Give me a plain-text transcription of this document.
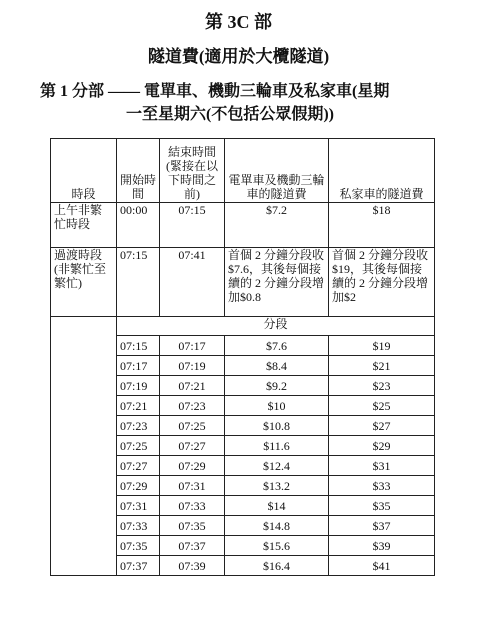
第 3C 部
隧道費(適用於大欖隧道)
第 1 分部 —— 電單車、機動三輪車及私家車(星期
一至星期六(不包括公眾假期))
時段	開始時間	結束時間(緊接在以下時間之前)	電單車及機動三輪車的隧道費	私家車的隧道費
上午非繁忙時段	00:00	07:15	$7.2	$18
過渡時段(非繁忙至繁忙)	07:15	07:41	首個 2 分鐘分段收$7.6，其後每個接續的 2 分鐘分段增加$0.8	首個 2 分鐘分段收$19，其後每個接續的 2 分鐘分段增加$2
	分段			
	07:15	07:17	$7.6	$19
	07:17	07:19	$8.4	$21
	07:19	07:21	$9.2	$23
	07:21	07:23	$10	$25
	07:23	07:25	$10.8	$27
	07:25	07:27	$11.6	$29
	07:27	07:29	$12.4	$31
	07:29	07:31	$13.2	$33
	07:31	07:33	$14	$35
	07:33	07:35	$14.8	$37
	07:35	07:37	$15.6	$39
	07:37	07:39	$16.4	$41
